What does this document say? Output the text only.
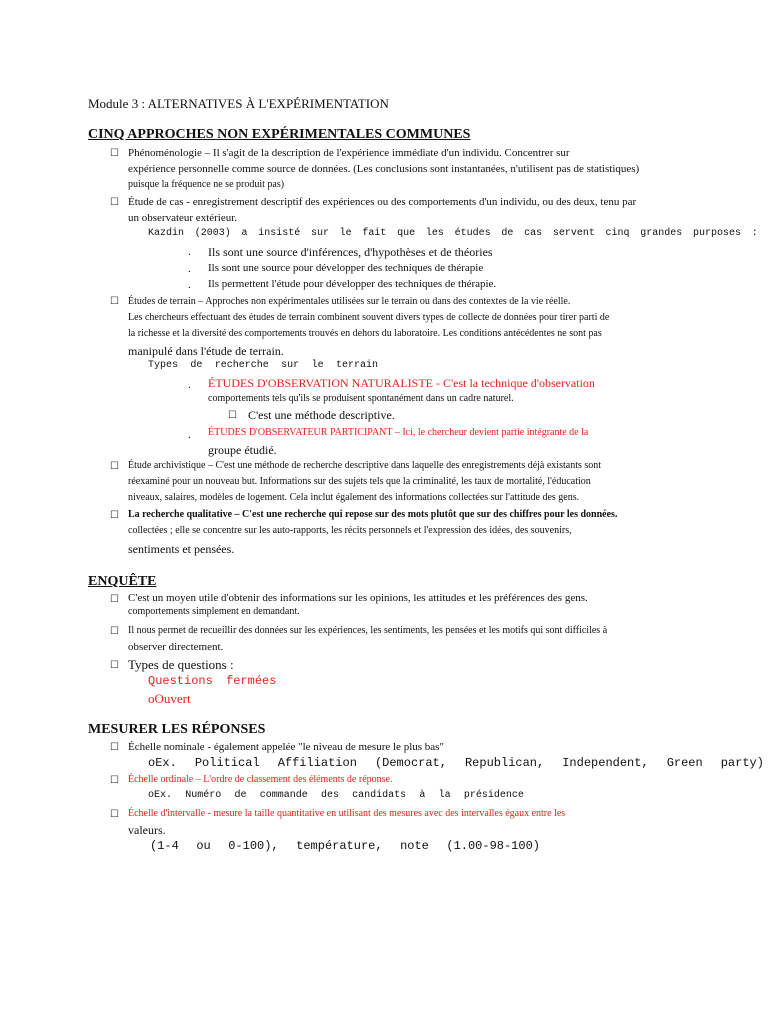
Module 3 : ALTERNATIVES À L'EXPÉRIMENTATION
CINQ APPROCHES NON EXPÉRIMENTALES COMMUNES
☐ Phénoménologie – Il s'agit de la description de l'expérience immédiate d'un individu. Concentrer sur
expérience personnelle comme source de données. (Les conclusions sont instantanées, n'utilisent pas de statistiques)
puisque la fréquence ne se produit pas)
☐ Étude de cas - enregistrement descriptif des expériences ou des comportements d'un individu, ou des deux, tenu par
un observateur extérieur.
Kazdin (2003) a insisté sur le fait que les études de cas servent cinq grandes purposes :
. Ils sont une source d'inférences, d'hypothèses et de théories
. Ils sont une source pour développer des techniques de thérapie
. Ils permettent l'étude pour développer des techniques de thérapie.
☐ Études de terrain – Approches non expérimentales utilisées sur le terrain ou dans des contextes de la vie réelle.
Les chercheurs effectuant des études de terrain combinent souvent divers types de collecte de données pour tirer parti de
la richesse et la diversité des comportements trouvés en dehors du laboratoire. Les conditions antécédentes ne sont pas
manipulé dans l'étude de terrain.
Types de recherche sur le terrain
. ÉTUDES D'OBSERVATION NATURALISTE - C'est la technique d'observation
comportements tels qu'ils se produisent spontanément dans un cadre naturel.
☐ C'est une méthode descriptive.
. ÉTUDES D'OBSERVATEUR PARTICIPANT – Ici, le chercheur devient partie intégrante de la
groupe étudié.
☐ Étude archivistique – C'est une méthode de recherche descriptive dans laquelle des enregistrements déjà existants sont
réexaminé pour un nouveau but. Informations sur des sujets tels que la criminalité, les taux de mortalité, l'éducation
niveaux, salaires, modèles de logement. Cela inclut également des informations collectées sur l'attitude des gens.
☐ La recherche qualitative – C'est une recherche qui repose sur des mots plutôt que sur des chiffres pour les données.
collectées ; elle se concentre sur les auto-rapports, les récits personnels et l'expression des idées, des souvenirs,
sentiments et pensées.
ENQUÊTE
☐ C'est un moyen utile d'obtenir des informations sur les opinions, les attitudes et les préférences des gens.
comportements simplement en demandant.
☐ Il nous permet de recueillir des données sur les expériences, les sentiments, les pensées et les motifs qui sont difficiles à
observer directement.
☐ Types de questions :
Questions fermées
oOuvert
MESURER LES RÉPONSES
☐ Échelle nominale - également appelée "le niveau de mesure le plus bas"
oEx. Political Affiliation (Democrat, Republican, Independent, Green party)
☐ Échelle ordinale – L'ordre de classement des éléments de réponse.
oEx. Numéro de commande des candidats à la présidence
☐ Échelle d'intervalle - mesure la taille quantitative en utilisant des mesures avec des intervalles égaux entre les
valeurs.
(1-4 ou 0-100), température, note (1.00-98-100)
